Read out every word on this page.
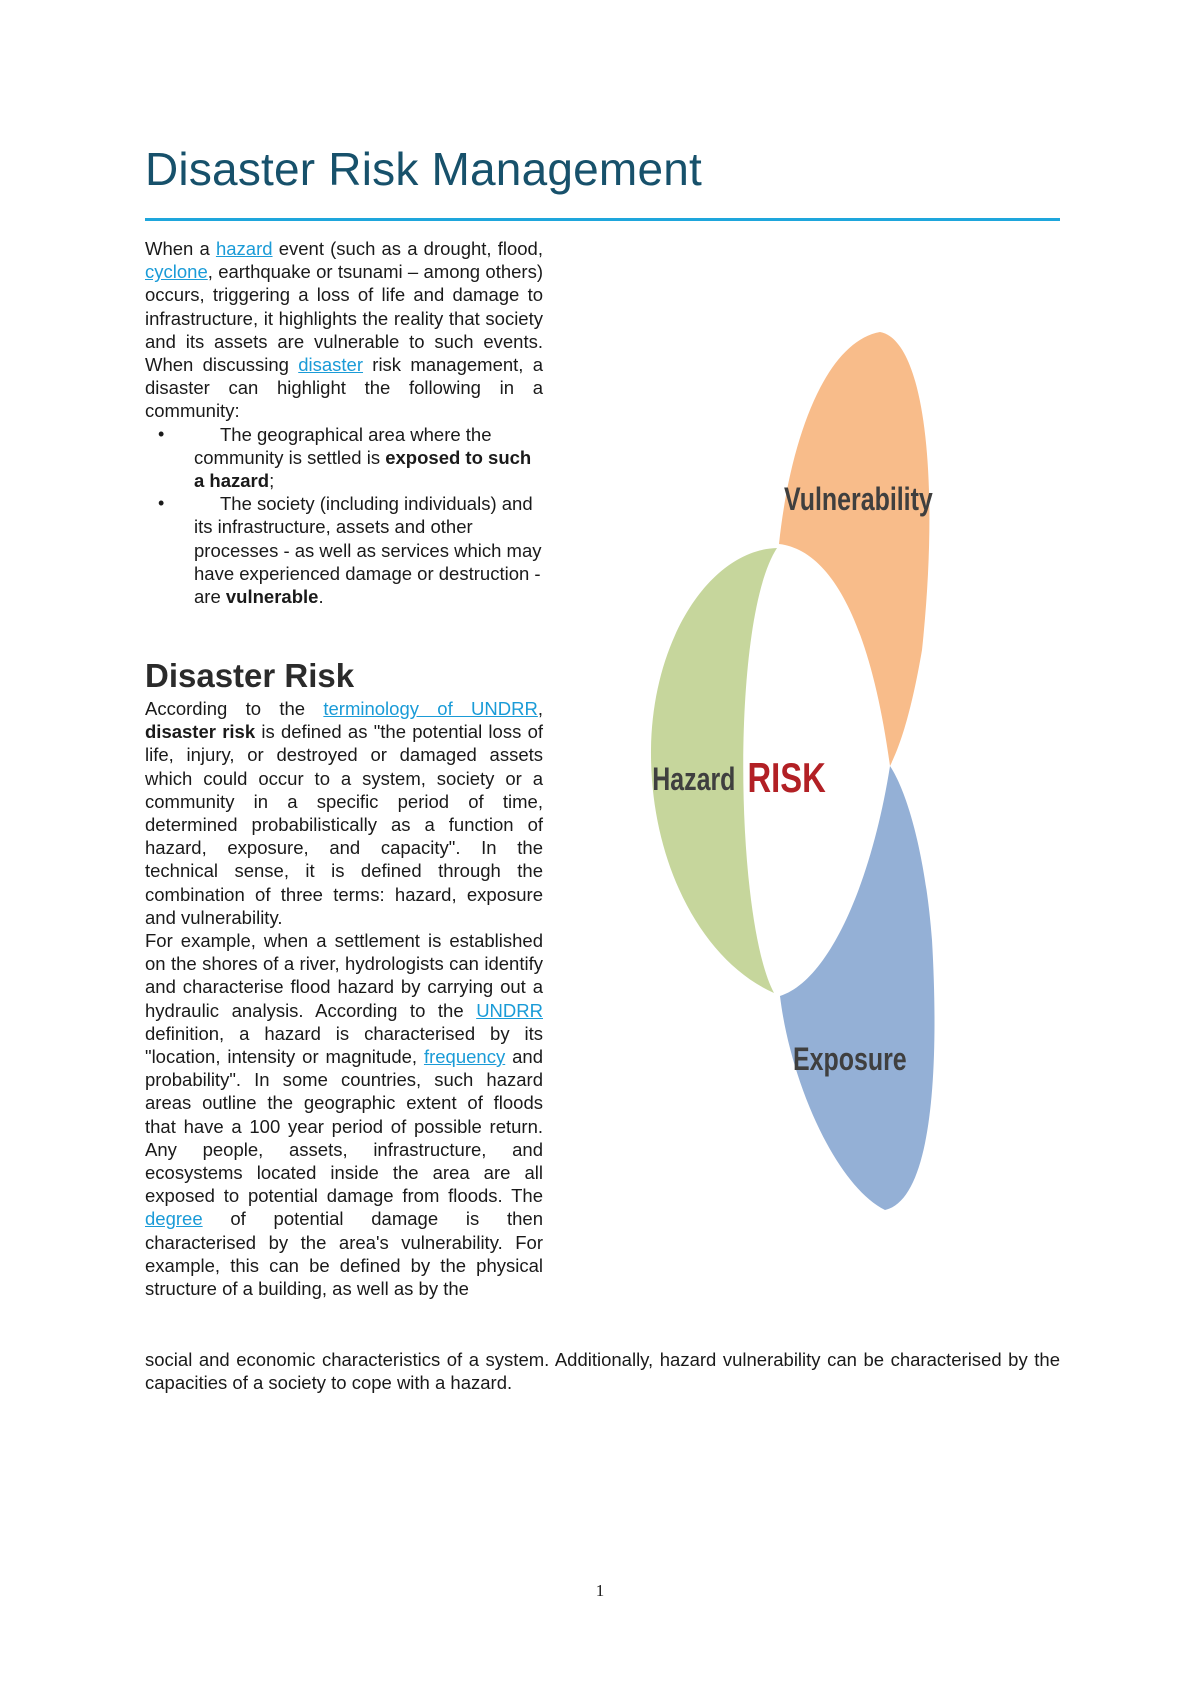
Disaster Risk Management

When a hazard event (such as a drought, flood, cyclone, earthquake or tsunami – among others) occurs, triggering a loss of life and damage to infrastructure, it highlights the reality that society and its assets are vulnerable to such events. When discussing disaster risk management, a disaster can highlight the following in a community:

•	The geographical area where the community is settled is exposed to such a hazard;
•	The society (including individuals) and its infrastructure, assets and other processes - as well as services which may have experienced damage or destruction - are vulnerable.
Disaster Risk

According to the terminology of UNDRR, disaster risk is defined as "the potential loss of life, injury, or destroyed or damaged assets which could occur to a system, society or a community in a specific period of time, determined probabilistically as a function of hazard, exposure, and capacity". In the technical sense, it is defined through the combination of three terms: hazard, exposure and vulnerability.

For example, when a settlement is established on the shores of a river, hydrologists can identify and characterise flood hazard by carrying out a hydraulic analysis. According to the UNDRR definition, a hazard is characterised by its "location, intensity or magnitude, frequency and probability". In some countries, such hazard areas outline the geographic extent of floods that have a 100 year period of possible return. Any people, assets, infrastructure, and ecosystems located inside the area are all exposed to potential damage from floods. The degree of potential damage is then characterised by the area's vulnerability. For example, this can be defined by the physical structure of a building, as well as by the

social and economic characteristics of a system. Additionally, hazard vulnerability can be characterised by the capacities of a society to cope with a hazard.

Vulnerability
Hazard
Exposure
RISK
1
